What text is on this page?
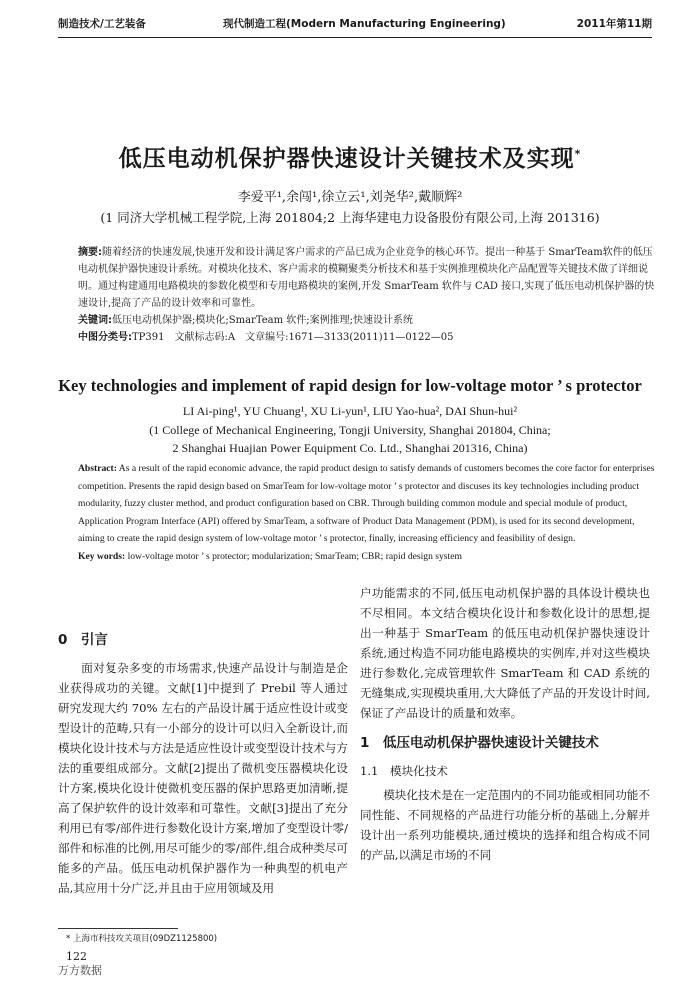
制造技术/工艺装备	现代制造工程(Modern Manufacturing Engineering)	2011年第11期
低压电动机保护器快速设计关键技术及实现*
李爱平¹,余闯¹,徐立云¹,刘尧华²,戴顺辉²
(1 同济大学机械工程学院,上海 201804;2 上海华建电力设备股份有限公司,上海 201316)
摘要:随着经济的快速发展,快速开发和设计满足客户需求的产品已成为企业竞争的核心环节。提出一种基于 SmarTeam软件的低压电动机保护器快速设计系统。对模块化技术、客户需求的模糊聚类分析技术和基于实例推理模块化产品配置等关键技术做了详细说明。通过构建通用电路模块的参数化模型和专用电路模块的案例,开发 SmarTeam 软件与 CAD 接口,实现了低压电动机保护器的快速设计,提高了产品的设计效率和可靠性。
关键词:低压电动机保护器;模块化;SmarTeam 软件;案例推理;快速设计系统
中图分类号:TP391　文献标志码:A　文章编号:1671—3133(2011)11—0122—05
Key technologies and implement of rapid design for low-voltage motor ’ s protector
LI Ai-ping¹, YU Chuang¹, XU Li-yun¹, LIU Yao-hua², DAI Shun-hui²
(1 College of Mechanical Engineering, Tongji University, Shanghai 201804, China;
2 Shanghai Huajian Power Equipment Co. Ltd., Shanghai 201316, China)
Abstract: As a result of the rapid economic advance, the rapid product design to satisfy demands of customers becomes the core factor for enterprises competition. Presents the rapid design based on SmarTeam for low-voltage motor ’ s protector and discuses its key technologies including product modularity, fuzzy cluster method, and product configuration based on CBR. Through building common module and special module of product, Application Program Interface (API) offered by SmarTeam, a software of Product Data Management (PDM), is used for its second development, aiming to create the rapid design system of low-voltage motor ’ s protector, finally, increasing efficiency and feasibility of design.
Key words: low-voltage motor ’ s protector; modularization; SmarTeam; CBR; rapid design system
0　引言

面对复杂多变的市场需求,快速产品设计与制造是企业获得成功的关键。文献[1]中提到了 Prebil 等人通过研究发现大约 70% 左右的产品设计属于适应性设计或变型设计的范畴,只有一小部分的设计可以归入全新设计,而模块化设计技术与方法是适应性设计或变型设计技术与方法的重要组成部分。文献[2]提出了微机变压器模块化设计方案,模块化设计使微机变压器的保护思路更加清晰,提高了保护软件的设计效率和可靠性。文献[3]提出了充分利用已有零/部件进行参数化设计方案,增加了变型设计零/部件和标准的比例,用尽可能少的零/部件,组合成种类尽可能多的产品。低压电动机保护器作为一种典型的机电产品,其应用十分广泛,并且由于应用领域及用

户功能需求的不同,低压电动机保护器的具体设计模块也不尽相同。本文结合模块化设计和参数化设计的思想,提出一种基于 SmarTeam 的低压电动机保护器快速设计系统,通过构造不同功能电路模块的实例库,并对这些模块进行参数化,完成管理软件 SmarTeam 和 CAD 系统的无缝集成,实现模块重用,大大降低了产品的开发设计时间,保证了产品设计的质量和效率。

1　低压电动机保护器快速设计关键技术
1.1　模块化技术

模块化技术是在一定范围内的不同功能或相同功能不同性能、不同规格的产品进行功能分析的基础上,分解并设计出一系列功能模块,通过模块的选择和组合构成不同的产品,以满足市场的不同

* 上海市科技攻关项目(09DZ1125800)
122
万方数据
